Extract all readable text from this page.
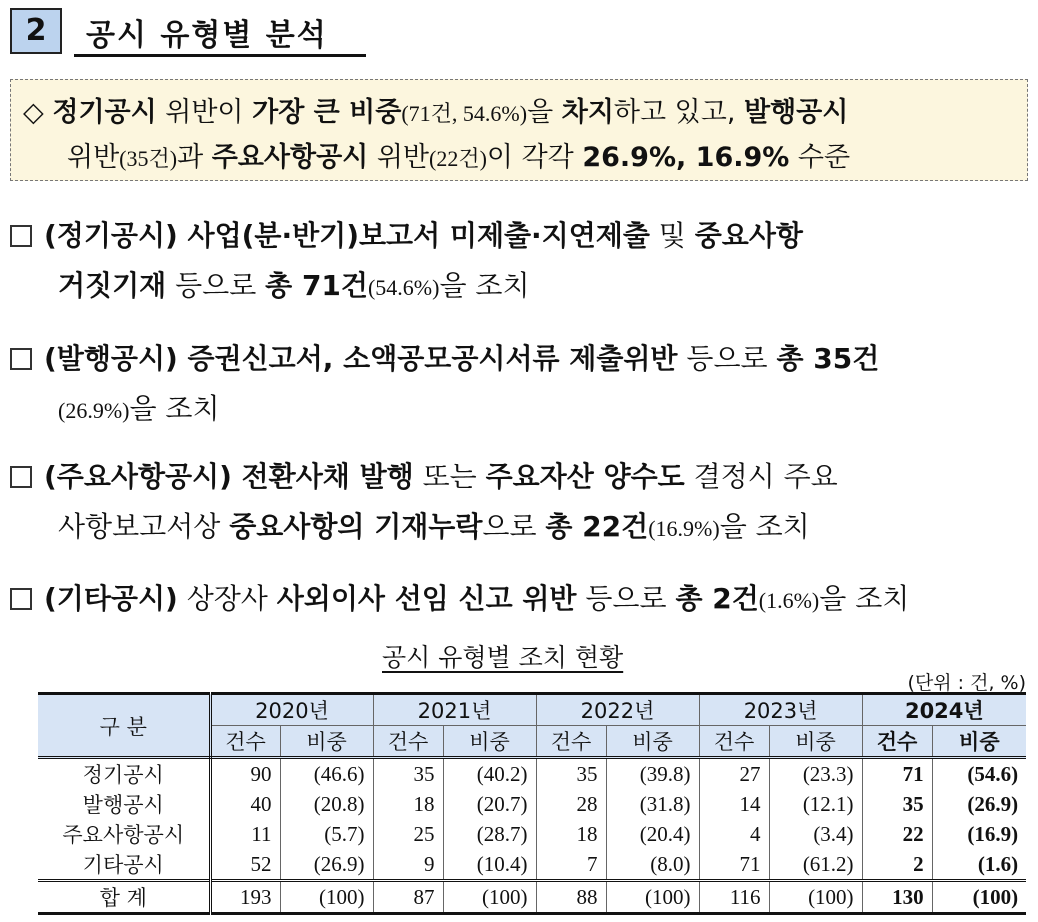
2	공시 유형별 분석
◇ 정기공시 위반이 가장 큰 비중(71건, 54.6%)을 차지하고 있고, 발행공시
위반(35건)과 주요사항공시 위반(22건)이 각각 26.9%, 16.9% 수준
(정기공시) 사업(분·반기)보고서 미제출·지연제출 및 중요사항
거짓기재 등으로 총 71건(54.6%)을 조치
(발행공시) 증권신고서, 소액공모공시서류 제출위반 등으로 총 35건
(26.9%)을 조치
(주요사항공시) 전환사채 발행 또는 주요자산 양수도 결정시 주요
사항보고서상 중요사항의 기재누락으로 총 22건(16.9%)을 조치
(기타공시) 상장사 사외이사 선임 신고 위반 등으로 총 2건(1.6%)을 조치
공시 유형별 조치 현황
(단위 : 건, %)
구 분	2020년		2021년		2022년		2023년		2024년	
	건수	비중	건수	비중	건수	비중	건수	비중	건수	비중
정기공시	90	(46.6)	35	(40.2)	35	(39.8)	27	(23.3)	71	(54.6)
발행공시	40	(20.8)	18	(20.7)	28	(31.8)	14	(12.1)	35	(26.9)
주요사항공시	11	(5.7)	25	(28.7)	18	(20.4)	4	(3.4)	22	(16.9)
기타공시	52	(26.9)	9	(10.4)	7	(8.0)	71	(61.2)	2	(1.6)
합 계	193	(100)	87	(100)	88	(100)	116	(100)	130	(100)
